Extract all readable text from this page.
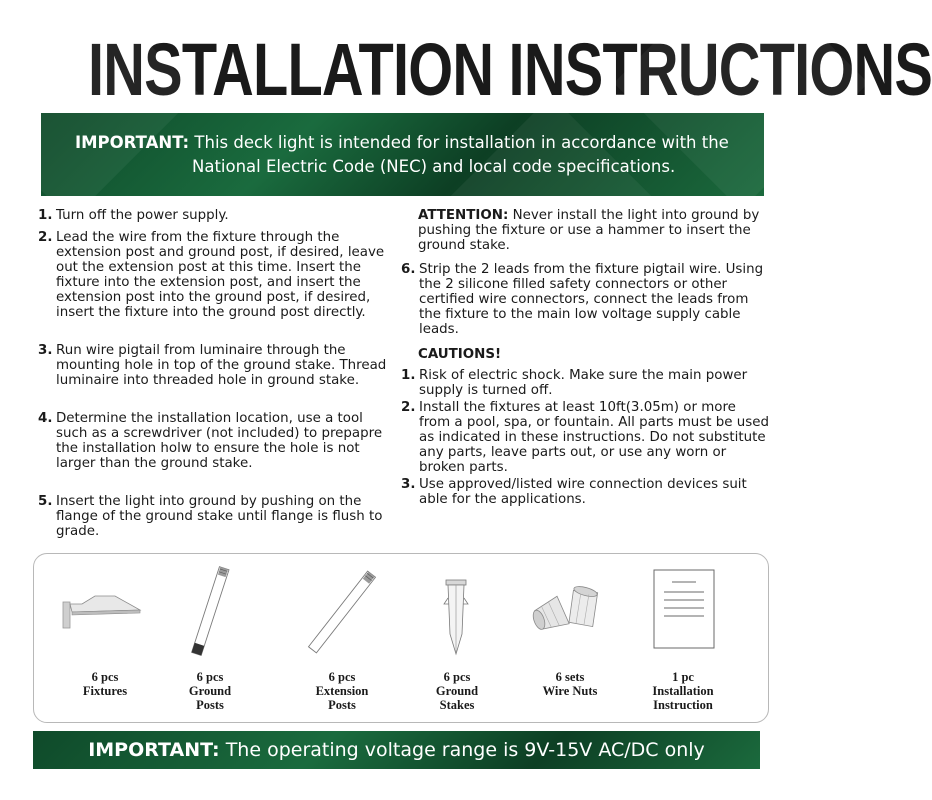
INSTALLATION INSTRUCTIONS
IMPORTANT: This deck light is intended for installation in accordance with the
National Electric Code (NEC) and local code specifications.
1. Turn off the power supply.
2. Lead the wire from the fixture through the extension post and ground post, if desired, leave out the extension post at this time. Insert the fixture into the extension post, and insert the extension post into the ground post, if desired, insert the fixture into the ground post directly.
3. Run wire pigtail from luminaire through the mounting hole in top of the ground stake. Thread luminaire into threaded hole in ground stake.
4. Determine the installation location, use a tool such as a screwdriver (not included) to prepapre the installation holw to ensure the hole is not larger than the ground stake.
5. Insert the light into ground by pushing on the flange of the ground stake until flange is flush to grade.
ATTENTION: Never install the light into ground by pushing the fixture or use a hammer to insert the ground stake.
6. Strip the 2 leads from the fixture pigtail wire. Using the 2 silicone filled safety connectors or other certified wire connectors, connect the leads from the fixture to the main low voltage supply cable leads.
CAUTIONS!
1. Risk of electric shock. Make sure the main power supply is turned off.
2. Install the fixtures at least 10ft(3.05m) or more from a pool, spa, or fountain. All parts must be used as indicated in these instructions. Do not substitute any parts, leave parts out, or use any worn or broken parts.
3. Use approved/listed wire connection devices suit able for the applications.
6 pcs
Fixtures
6 pcs
Ground
Posts
6 pcs
Extension
Posts
6 pcs
Ground
Stakes
6 sets
Wire Nuts
1 pc
Installation
Instruction
IMPORTANT: The operating voltage range is 9V-15V AC/DC only
